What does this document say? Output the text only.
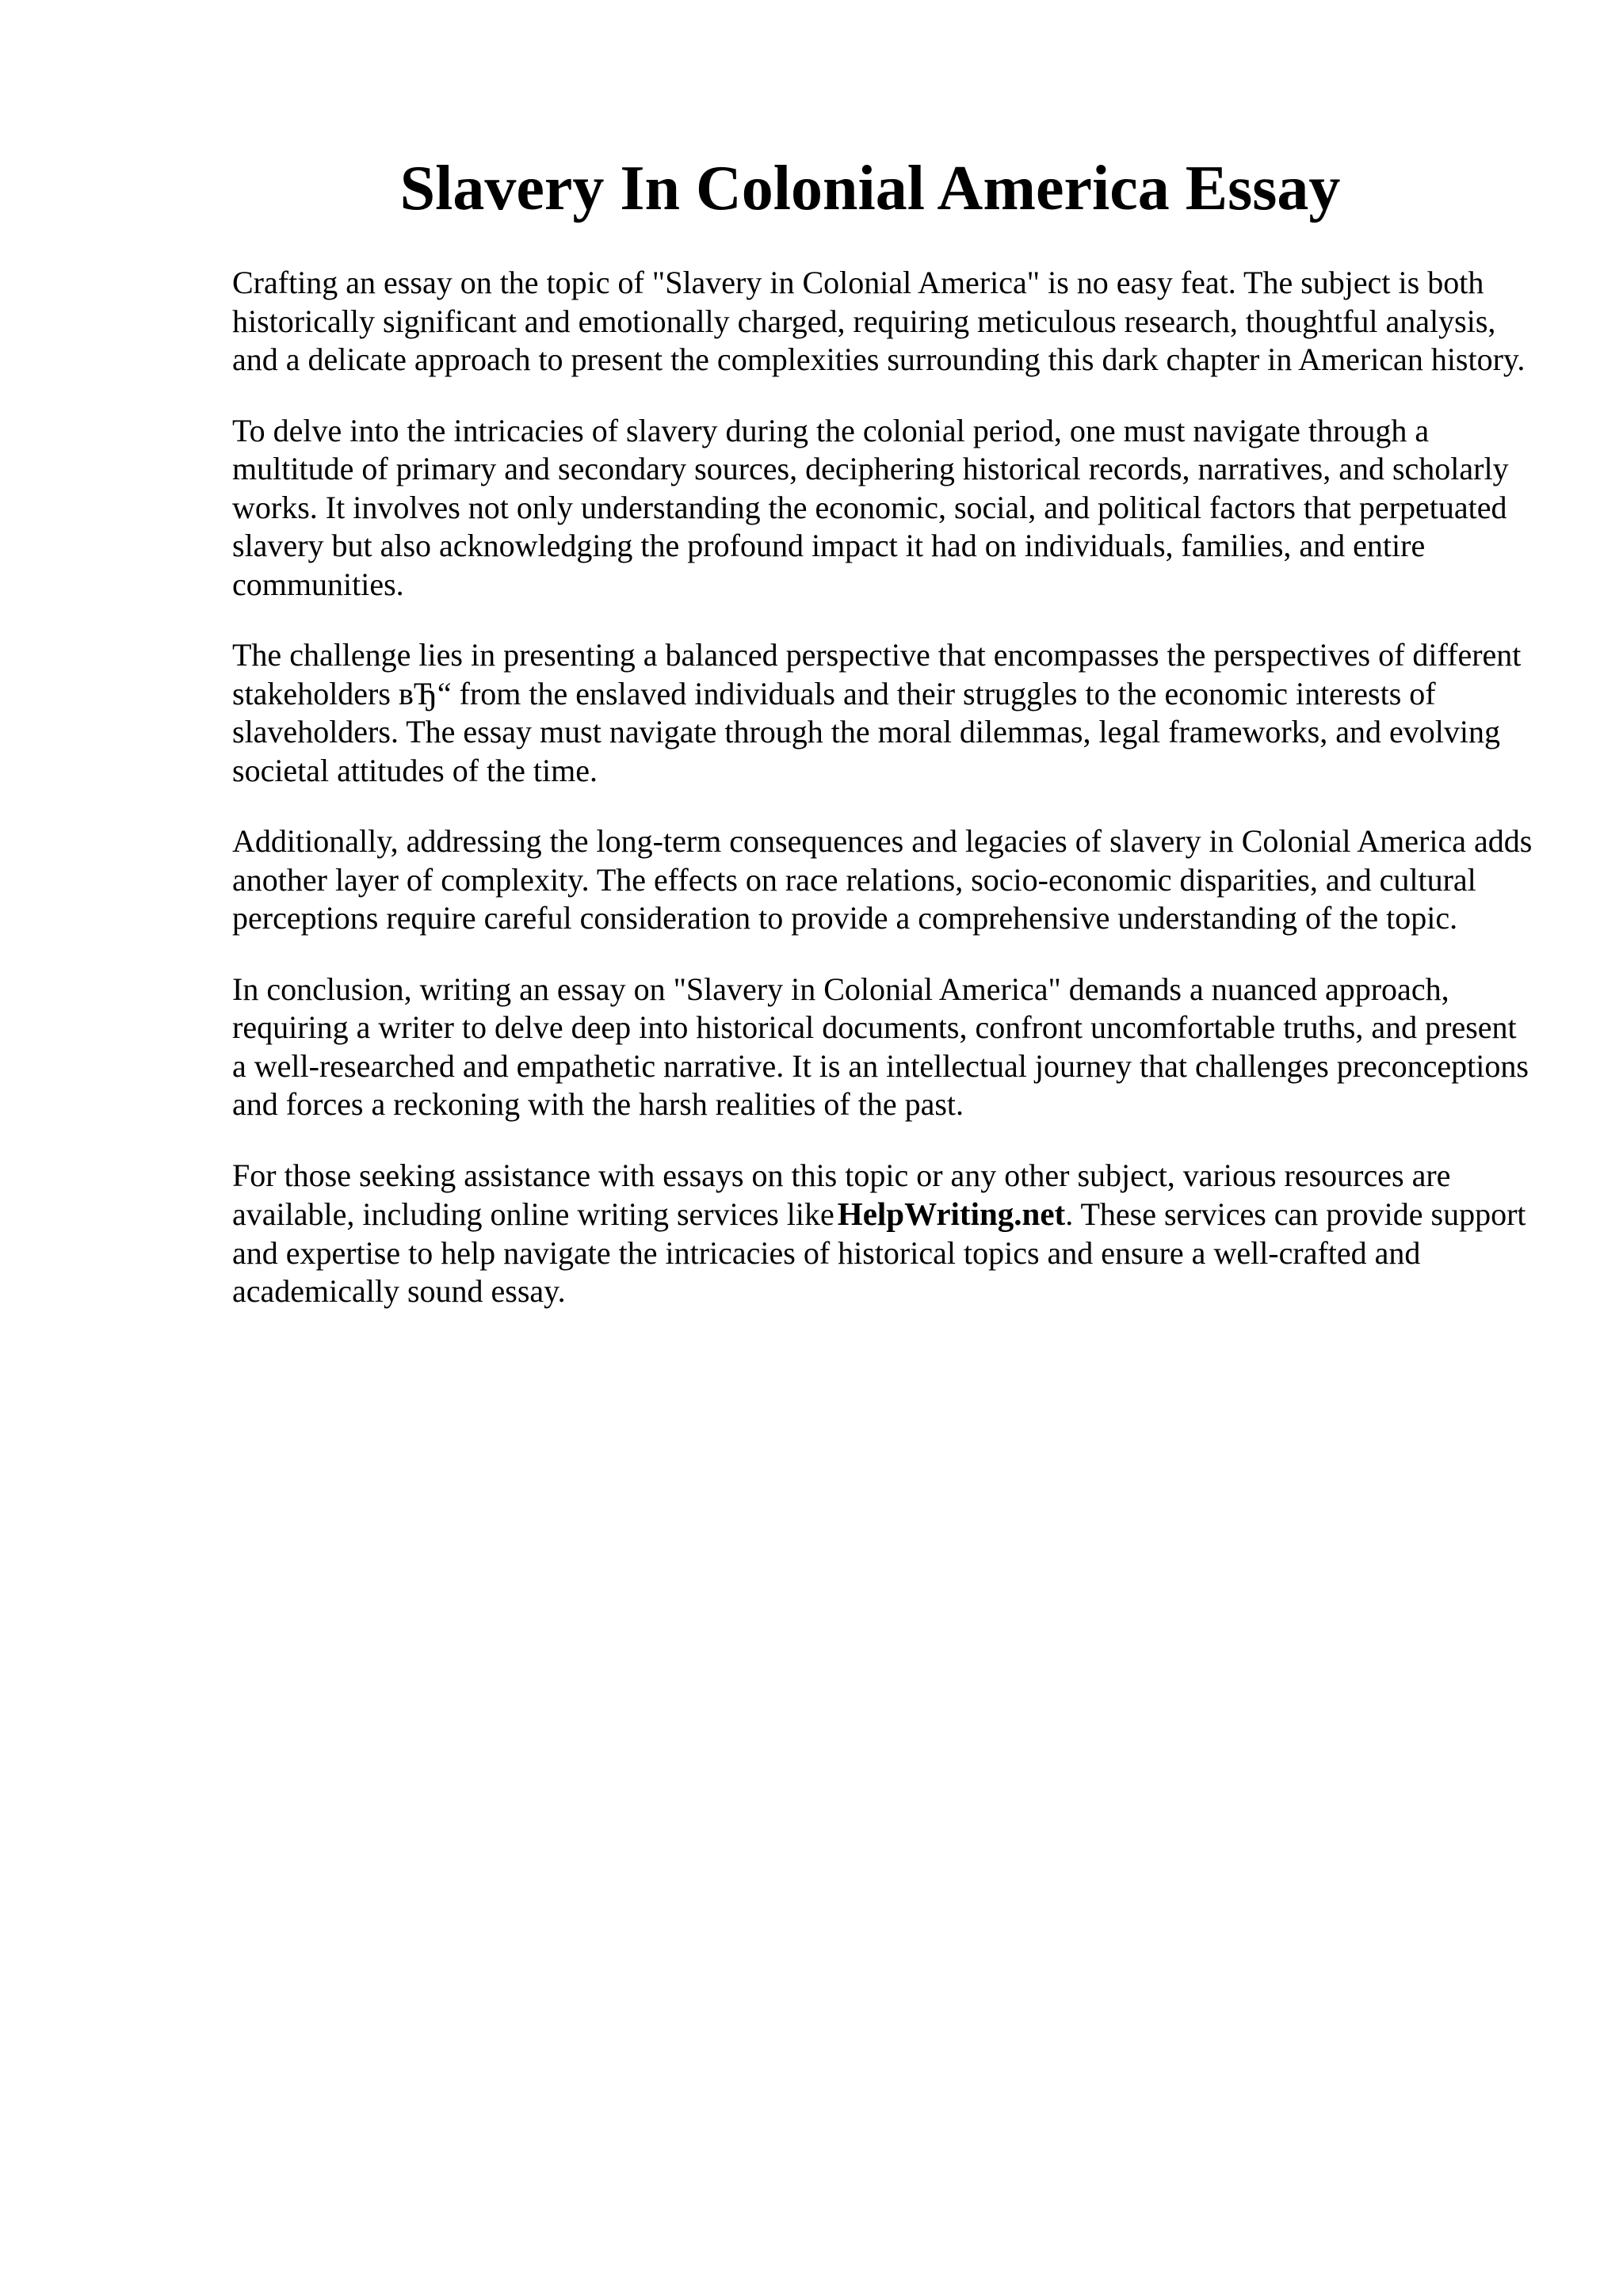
Slavery In Colonial America Essay

Crafting an essay on the topic of "Slavery in Colonial America" is no easy feat. The subject is both historically significant and emotionally charged, requiring meticulous research, thoughtful analysis, and a delicate approach to present the complexities surrounding this dark chapter in American history.

To delve into the intricacies of slavery during the colonial period, one must navigate through a multitude of primary and secondary sources, deciphering historical records, narratives, and scholarly works. It involves not only understanding the economic, social, and political factors that perpetuated slavery but also acknowledging the profound impact it had on individuals, families, and entire communities.

The challenge lies in presenting a balanced perspective that encompasses the perspectives of different stakeholders вЂ“ from the enslaved individuals and their struggles to the economic interests of slaveholders. The essay must navigate through the moral dilemmas, legal frameworks, and evolving societal attitudes of the time.

Additionally, addressing the long-term consequences and legacies of slavery in Colonial America adds another layer of complexity. The effects on race relations, socio-economic disparities, and cultural perceptions require careful consideration to provide a comprehensive understanding of the topic.

In conclusion, writing an essay on "Slavery in Colonial America" demands a nuanced approach, requiring a writer to delve deep into historical documents, confront uncomfortable truths, and present a well-researched and empathetic narrative. It is an intellectual journey that challenges preconceptions and forces a reckoning with the harsh realities of the past.

For those seeking assistance with essays on this topic or any other subject, various resources are available, including online writing services likeHelpWriting.net. These services can provide support and expertise to help navigate the intricacies of historical topics and ensure a well-crafted and academically sound essay.
